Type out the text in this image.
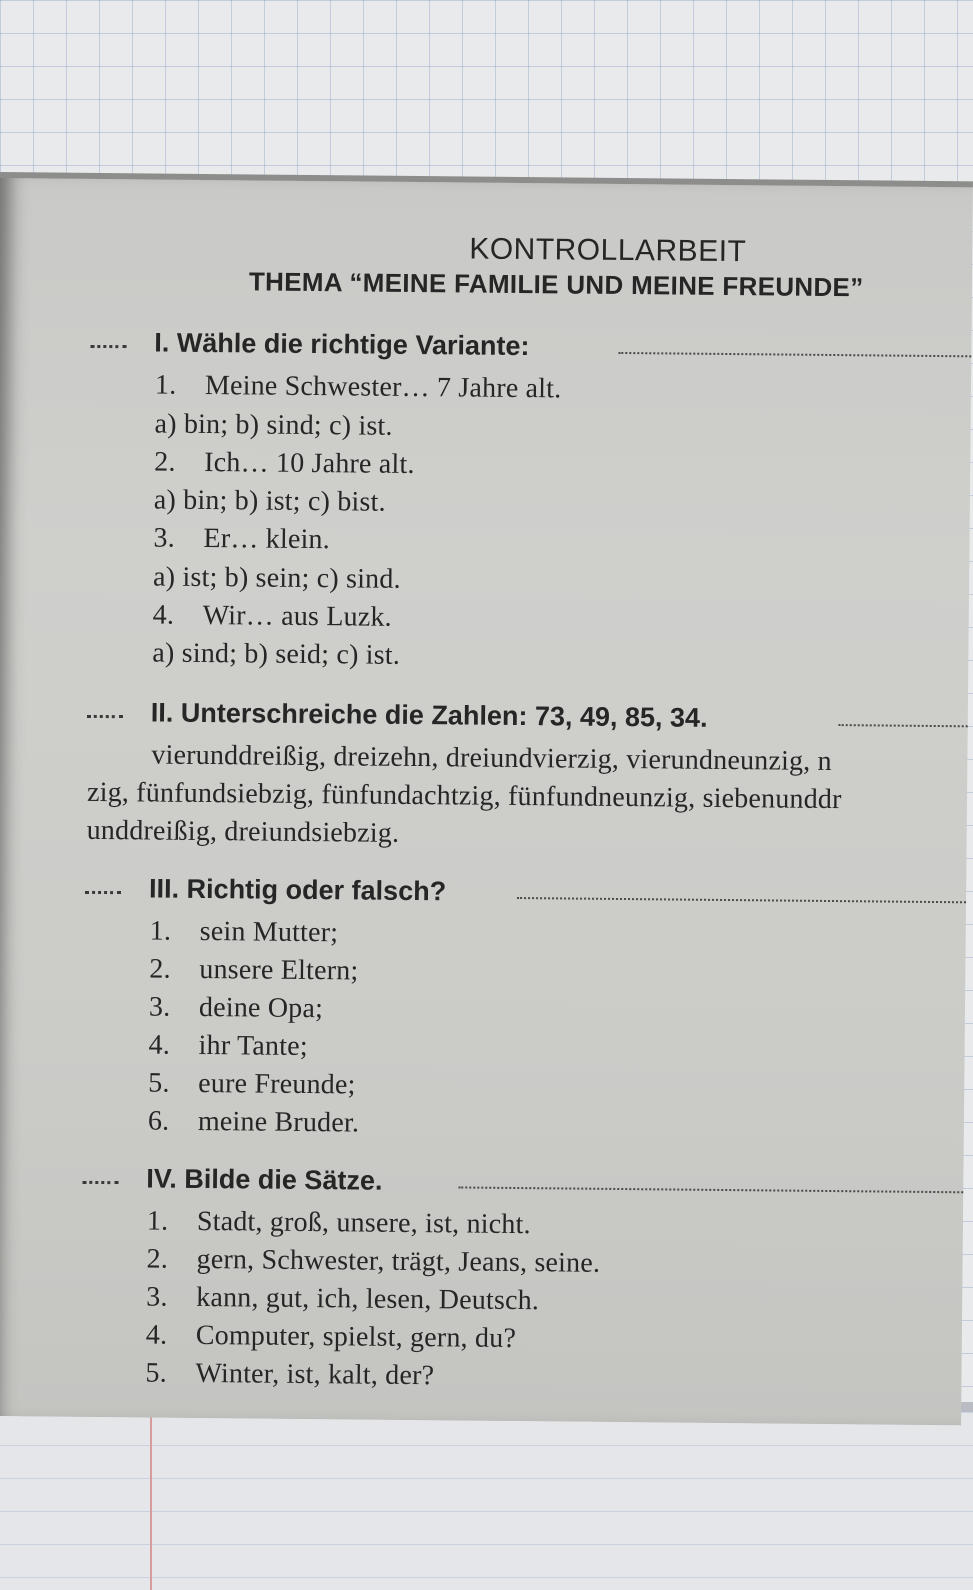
KONTROLLARBEIT
THEMA “MEINE FAMILIE UND MEINE FREUNDE”
I. Wähle die richtige Variante:
1. Meine Schwester… 7 Jahre alt.
a) bin; b) sind; c) ist.
2. Ich… 10 Jahre alt.
a) bin; b) ist; c) bist.
3. Er… klein.
a) ist; b) sein; c) sind.
4. Wir… aus Luzk.
a) sind; b) seid; c) ist.
II. Unterschreiche die Zahlen: 73, 49, 85, 34.
vierunddreißig, dreizehn, dreiundvierzig, vierundneunzig, n
zig, fünfundsiebzig, fünfundachtzig, fünfundneunzig, siebenunddr
unddreißig, dreiundsiebzig.
III. Richtig oder falsch?
1. sein Mutter;
2. unsere Eltern;
3. deine Opa;
4. ihr Tante;
5. eure Freunde;
6. meine Bruder.
IV. Bilde die Sätze.
1. Stadt, groß, unsere, ist, nicht.
2. gern, Schwester, trägt, Jeans, seine.
3. kann, gut, ich, lesen, Deutsch.
4. Computer, spielst, gern, du?
5. Winter, ist, kalt, der?
